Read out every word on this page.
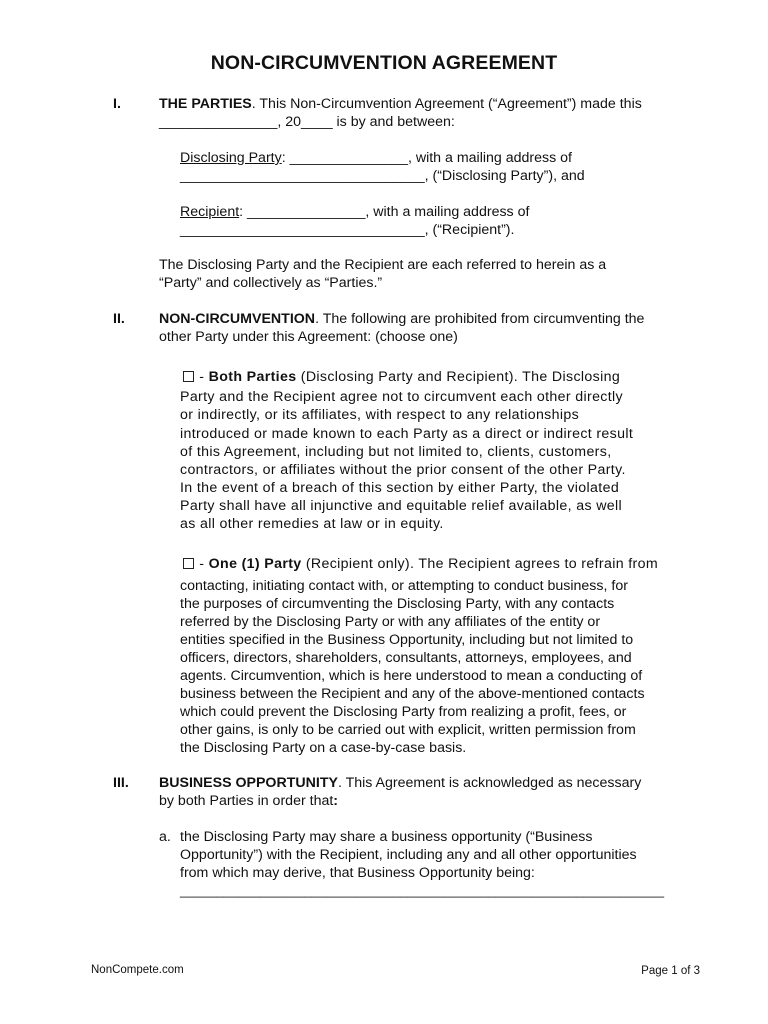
NON-CIRCUMVENTION AGREEMENT
I.	THE PARTIES. This Non-Circumvention Agreement (“Agreement”) made this
_______________, 20____ is by and between:
Disclosing Party: _______________, with a mailing address of
_______________________________, (“Disclosing Party”), and
Recipient: _______________, with a mailing address of
_______________________________, (“Recipient”).
The Disclosing Party and the Recipient are each referred to herein as a
“Party” and collectively as “Parties.”
II. NON-CIRCUMVENTION. The following are prohibited from circumventing the
other Party under this Agreement: (choose one)
- Both Parties (Disclosing Party and Recipient). The Disclosing
Party and the Recipient agree not to circumvent each other directly
or indirectly, or its affiliates, with respect to any relationships
introduced or made known to each Party as a direct or indirect result
of this Agreement, including but not limited to, clients, customers,
contractors, or affiliates without the prior consent of the other Party.
In the event of a breach of this section by either Party, the violated
Party shall have all injunctive and equitable relief available, as well
as all other remedies at law or in equity.
- One (1) Party (Recipient only). The Recipient agrees to refrain from
contacting, initiating contact with, or attempting to conduct business, for
the purposes of circumventing the Disclosing Party, with any contacts
referred by the Disclosing Party or with any affiliates of the entity or
entities specified in the Business Opportunity, including but not limited to
officers, directors, shareholders, consultants, attorneys, employees, and
agents. Circumvention, which is here understood to mean a conducting of
business between the Recipient and any of the above-mentioned contacts
which could prevent the Disclosing Party from realizing a profit, fees, or
other gains, is only to be carried out with explicit, written permission from
the Disclosing Party on a case-by-case basis.
III. BUSINESS OPPORTUNITY. This Agreement is acknowledged as necessary
by both Parties in order that:
a. the Disclosing Party may share a business opportunity (“Business
Opportunity”) with the Recipient, including any and all other opportunities
from which may derive, that Business Opportunity being:
__________________________________________________________________
NonCompete.com	Page 1 of 3
